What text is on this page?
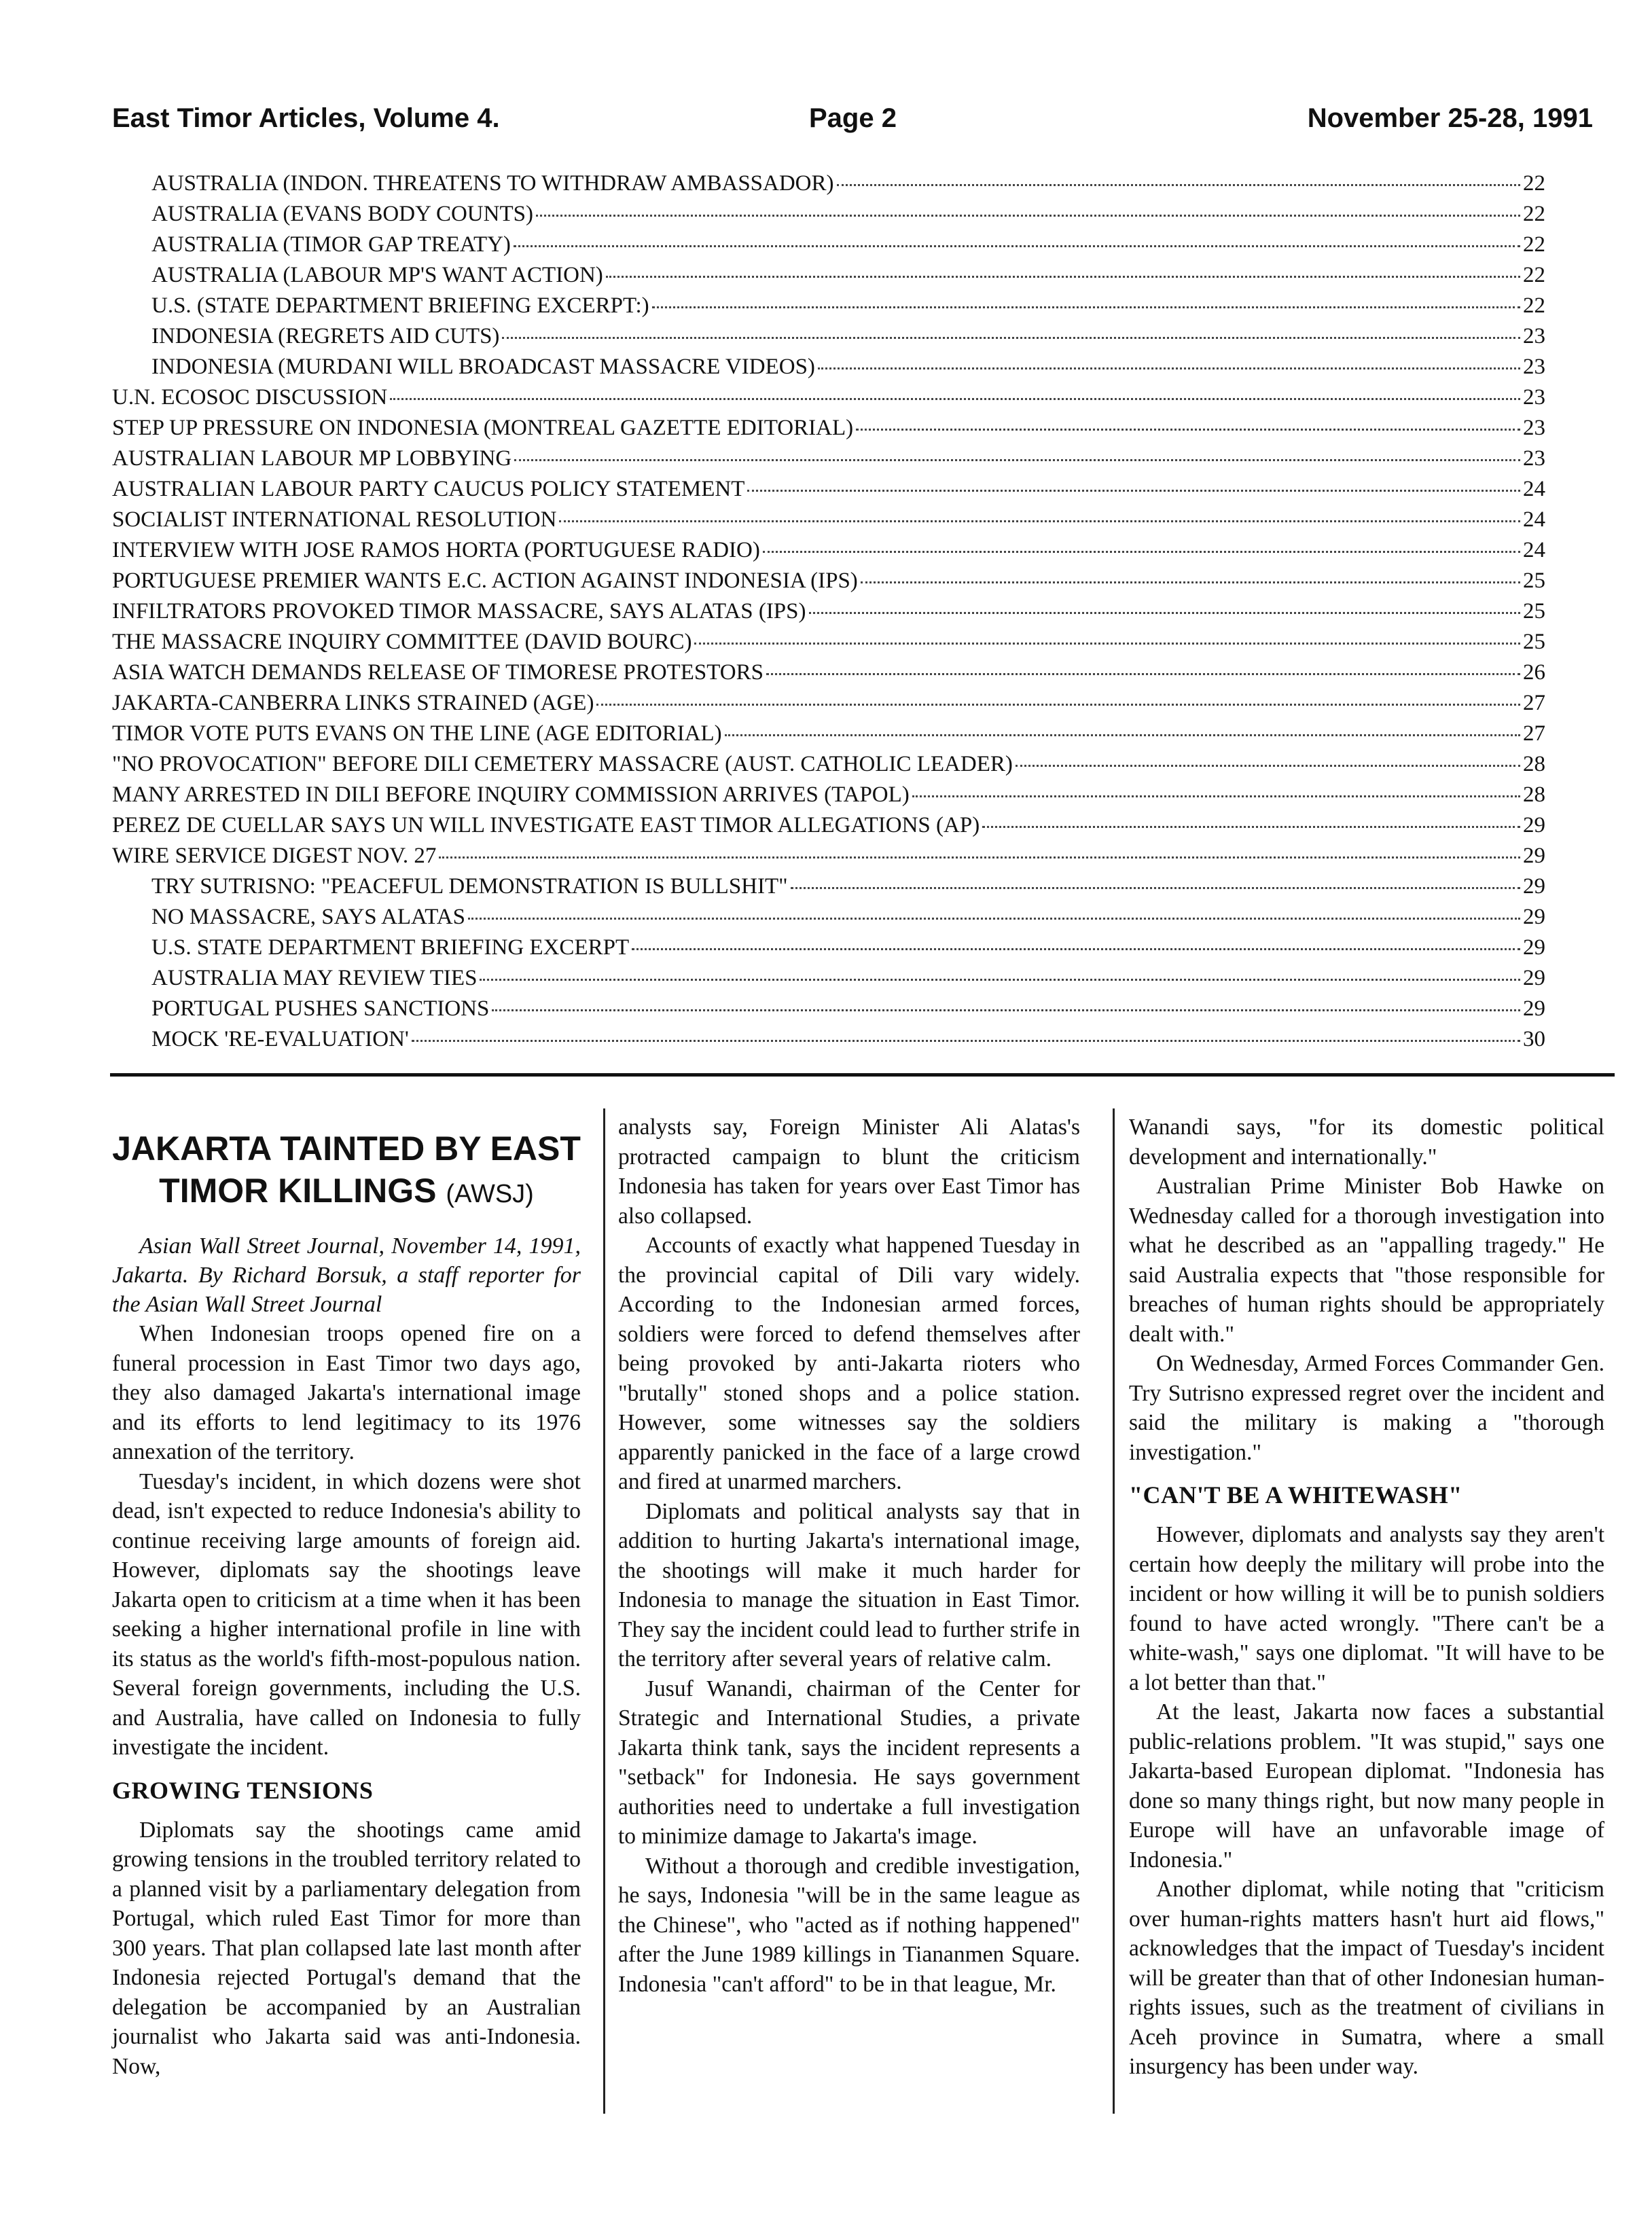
East Timor Articles, Volume 4.	Page 2	November 25-28, 1991
AUSTRALIA (INDON. THREATENS TO WITHDRAW AMBASSADOR)	22
AUSTRALIA (EVANS BODY COUNTS)	22
AUSTRALIA (TIMOR GAP TREATY)	22
AUSTRALIA (LABOUR MP'S WANT ACTION)	22
U.S. (STATE DEPARTMENT BRIEFING EXCERPT:)	22
INDONESIA (REGRETS AID CUTS)	23
INDONESIA (MURDANI WILL BROADCAST MASSACRE VIDEOS)	23
U.N. ECOSOC DISCUSSION	23
STEP UP PRESSURE ON INDONESIA (MONTREAL GAZETTE EDITORIAL)	23
AUSTRALIAN LABOUR MP LOBBYING	23
AUSTRALIAN LABOUR PARTY CAUCUS POLICY STATEMENT	24
SOCIALIST INTERNATIONAL RESOLUTION	24
INTERVIEW WITH JOSE RAMOS HORTA (PORTUGUESE RADIO)	24
PORTUGUESE PREMIER WANTS E.C. ACTION AGAINST INDONESIA (IPS)	25
INFILTRATORS PROVOKED TIMOR MASSACRE, SAYS ALATAS (IPS)	25
THE MASSACRE INQUIRY COMMITTEE (DAVID BOURC)	25
ASIA WATCH DEMANDS RELEASE OF TIMORESE PROTESTORS	26
JAKARTA-CANBERRA LINKS STRAINED (AGE)	27
TIMOR VOTE PUTS EVANS ON THE LINE (AGE EDITORIAL)	27
"NO PROVOCATION" BEFORE DILI CEMETERY MASSACRE (AUST. CATHOLIC LEADER)	28
MANY ARRESTED IN DILI BEFORE INQUIRY COMMISSION ARRIVES (TAPOL)	28
PEREZ DE CUELLAR SAYS UN WILL INVESTIGATE EAST TIMOR ALLEGATIONS (AP)	29
WIRE SERVICE DIGEST NOV. 27	29
TRY SUTRISNO: "PEACEFUL DEMONSTRATION IS BULLSHIT"	29
NO MASSACRE, SAYS ALATAS	29
U.S. STATE DEPARTMENT BRIEFING EXCERPT	29
AUSTRALIA MAY REVIEW TIES	29
PORTUGAL PUSHES SANCTIONS	29
MOCK 'RE-EVALUATION'	30
JAKARTA TAINTED BY EAST TIMOR KILLINGS (AWSJ)

Asian Wall Street Journal, November 14, 1991, Jakarta. By Richard Borsuk, a staff reporter for the Asian Wall Street Journal

When Indonesian troops opened fire on a funeral procession in East Timor two days ago, they also damaged Jakarta's international image and its efforts to lend legitimacy to its 1976 annexation of the territory.

Tuesday's incident, in which dozens were shot dead, isn't expected to reduce Indonesia's ability to continue receiving large amounts of foreign aid. However, diplomats say the shootings leave Jakarta open to criticism at a time when it has been seeking a higher international profile in line with its status as the world's fifth-most-populous nation. Several foreign governments, including the U.S. and Australia, have called on Indonesia to fully investigate the incident.

GROWING TENSIONS

Diplomats say the shootings came amid growing tensions in the troubled territory related to a planned visit by a parliamentary delegation from Portugal, which ruled East Timor for more than 300 years. That plan collapsed late last month after Indonesia rejected Portugal's demand that the delegation be accompanied by an Australian journalist who Jakarta said was anti-Indonesia. Now,

analysts say, Foreign Minister Ali Alatas's protracted campaign to blunt the criticism Indonesia has taken for years over East Timor has also collapsed.

Accounts of exactly what happened Tuesday in the provincial capital of Dili vary widely. According to the Indonesian armed forces, soldiers were forced to defend themselves after being provoked by anti-Jakarta rioters who "brutally" stoned shops and a police station. However, some witnesses say the soldiers apparently panicked in the face of a large crowd and fired at unarmed marchers.

Diplomats and political analysts say that in addition to hurting Jakarta's international image, the shootings will make it much harder for Indonesia to manage the situation in East Timor. They say the incident could lead to further strife in the territory after several years of relative calm.

Jusuf Wanandi, chairman of the Center for Strategic and International Studies, a private Jakarta think tank, says the incident represents a "setback" for Indonesia. He says government authorities need to undertake a full investigation to minimize damage to Jakarta's image.

Without a thorough and credible investigation, he says, Indonesia "will be in the same league as the Chinese", who "acted as if nothing happened" after the June 1989 killings in Tiananmen Square. Indonesia "can't afford" to be in that league, Mr.

Wanandi says, "for its domestic political development and internationally."

Australian Prime Minister Bob Hawke on Wednesday called for a thorough investigation into what he described as an "appalling tragedy." He said Australia expects that "those responsible for breaches of human rights should be appropriately dealt with."

On Wednesday, Armed Forces Commander Gen. Try Sutrisno expressed regret over the incident and said the military is making a "thorough investigation."

"CAN'T BE A WHITEWASH"

However, diplomats and analysts say they aren't certain how deeply the military will probe into the incident or how willing it will be to punish soldiers found to have acted wrongly. "There can't be a white-wash," says one diplomat. "It will have to be a lot better than that."

At the least, Jakarta now faces a substantial public-relations problem. "It was stupid," says one Jakarta-based European diplomat. "Indonesia has done so many things right, but now many people in Europe will have an unfavorable image of Indonesia."

Another diplomat, while noting that "criticism over human-rights matters hasn't hurt aid flows," acknowledges that the impact of Tuesday's incident will be greater than that of other Indonesian human-rights issues, such as the treatment of civilians in Aceh province in Sumatra, where a small insurgency has been under way.
